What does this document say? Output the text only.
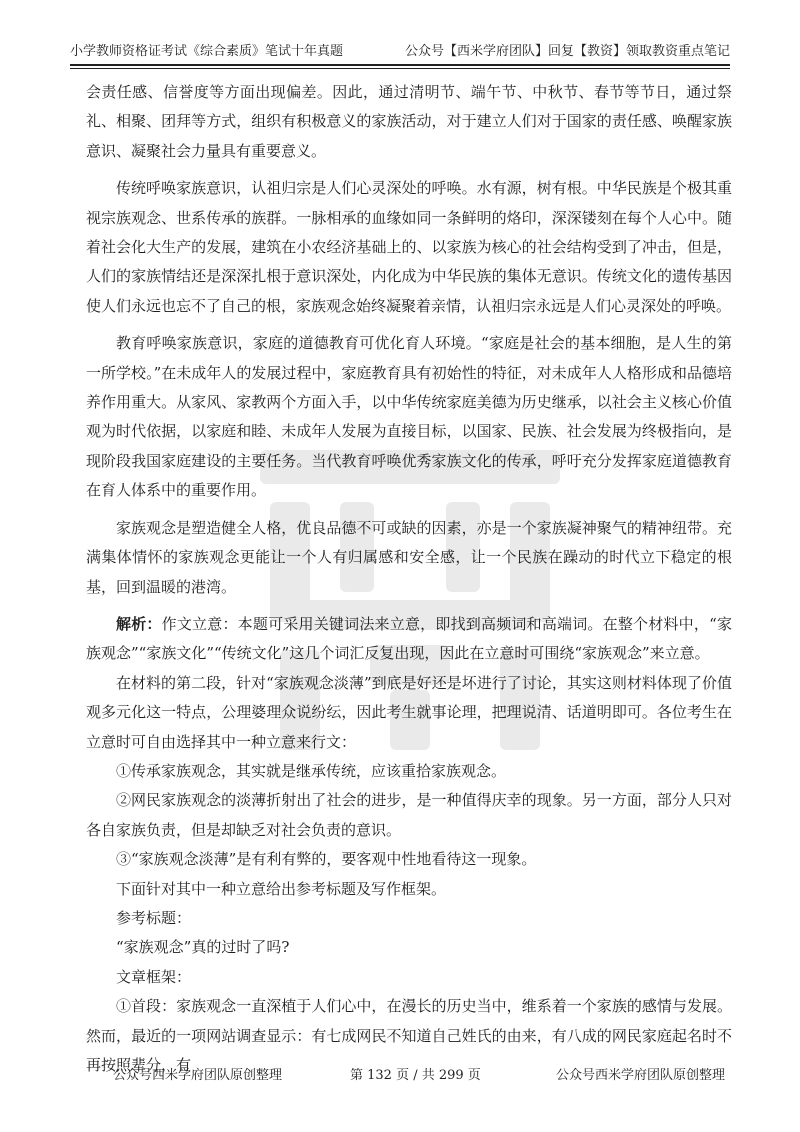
小学教师资格证考试《综合素质》笔试十年真题	公众号【西米学府团队】回复【教资】领取教资重点笔记

会责任感、信誉度等方面出现偏差。因此，通过清明节、端午节、中秋节、春节等节日，通过祭礼、相聚、团拜等方式，组织有积极意义的家族活动，对于建立人们对于国家的责任感、唤醒家族意识、凝聚社会力量具有重要意义。

传统呼唤家族意识，认祖归宗是人们心灵深处的呼唤。水有源，树有根。中华民族是个极其重视宗族观念、世系传承的族群。一脉相承的血缘如同一条鲜明的烙印，深深镂刻在每个人心中。随着社会化大生产的发展，建筑在小农经济基础上的、以家族为核心的社会结构受到了冲击，但是，人们的家族情结还是深深扎根于意识深处，内化成为中华民族的集体无意识。传统文化的遗传基因使人们永远也忘不了自己的根，家族观念始终凝聚着亲情，认祖归宗永远是人们心灵深处的呼唤。

教育呼唤家族意识，家庭的道德教育可优化育人环境。“家庭是社会的基本细胞，是人生的第一所学校。”在未成年人的发展过程中，家庭教育具有初始性的特征，对未成年人人格形成和品德培养作用重大。从家风、家教两个方面入手，以中华传统家庭美德为历史继承，以社会主义核心价值观为时代依据，以家庭和睦、未成年人发展为直接目标，以国家、民族、社会发展为终极指向，是现阶段我国家庭建设的主要任务。当代教育呼唤优秀家族文化的传承，呼吁充分发挥家庭道德教育在育人体系中的重要作用。

家族观念是塑造健全人格，优良品德不可或缺的因素，亦是一个家族凝神聚气的精神纽带。充满集体情怀的家族观念更能让一个人有归属感和安全感，让一个民族在躁动的时代立下稳定的根基，回到温暖的港湾。

解析：作文立意：本题可采用关键词法来立意，即找到高频词和高端词。在整个材料中，“家族观念”“家族文化”“传统文化”这几个词汇反复出现，因此在立意时可围绕“家族观念”来立意。

在材料的第二段，针对“家族观念淡薄”到底是好还是坏进行了讨论，其实这则材料体现了价值观多元化这一特点，公理婆理众说纷纭，因此考生就事论理，把理说清、话道明即可。各位考生在立意时可自由选择其中一种立意来行文：

①传承家族观念，其实就是继承传统，应该重拾家族观念。

②网民家族观念的淡薄折射出了社会的进步，是一种值得庆幸的现象。另一方面，部分人只对各自家族负责，但是却缺乏对社会负责的意识。

③“家族观念淡薄”是有利有弊的，要客观中性地看待这一现象。

下面针对其中一种立意给出参考标题及写作框架。

参考标题：

“家族观念”真的过时了吗?

文章框架：

①首段：家族观念一直深植于人们心中，在漫长的历史当中，维系着一个家族的感情与发展。然而，最近的一项网站调查显示：有七成网民不知道自己姓氏的由来，有八成的网民家庭起名时不再按照辈分，有

公众号西米学府团队原创整理	第 132 页 / 共 299 页	公众号西米学府团队原创整理
